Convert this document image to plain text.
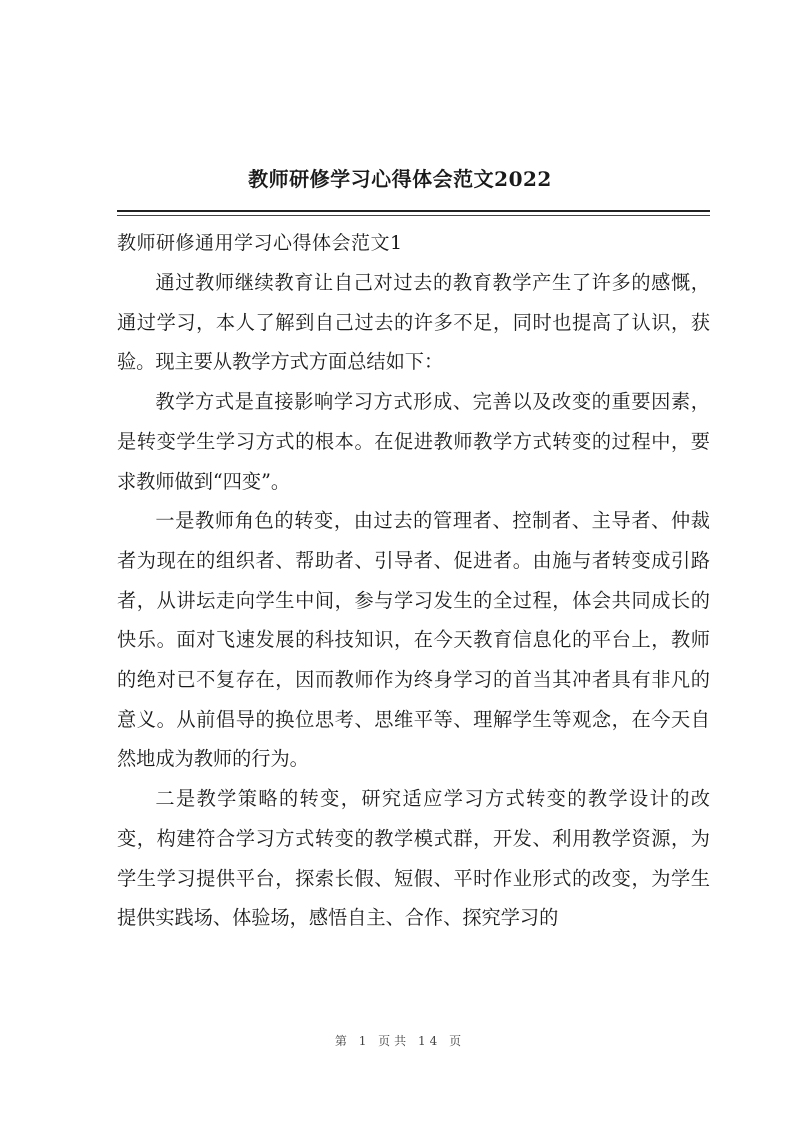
教师研修学习心得体会范文2022
教师研修通用学习心得体会范文1

通过教师继续教育让自己对过去的教育教学产生了许多的感慨，通过学习，本人了解到自己过去的许多不足，同时也提高了认识，获验。现主要从教学方式方面总结如下：

教学方式是直接影响学习方式形成、完善以及改变的重要因素，是转变学生学习方式的根本。在促进教师教学方式转变的过程中，要求教师做到“四变”。

一是教师角色的转变，由过去的管理者、控制者、主导者、仲裁者为现在的组织者、帮助者、引导者、促进者。由施与者转变成引路者，从讲坛走向学生中间，参与学习发生的全过程，体会共同成长的快乐。面对飞速发展的科技知识，在今天教育信息化的平台上，教师的绝对已不复存在，因而教师作为终身学习的首当其冲者具有非凡的意义。从前倡导的换位思考、思维平等、理解学生等观念，在今天自然地成为教师的行为。

二是教学策略的转变，研究适应学习方式转变的教学设计的改变，构建符合学习方式转变的教学模式群，开发、利用教学资源，为学生学习提供平台，探索长假、短假、平时作业形式的改变，为学生提供实践场、体验场，感悟自主、合作、探究学习的

第 1 页共 14 页
